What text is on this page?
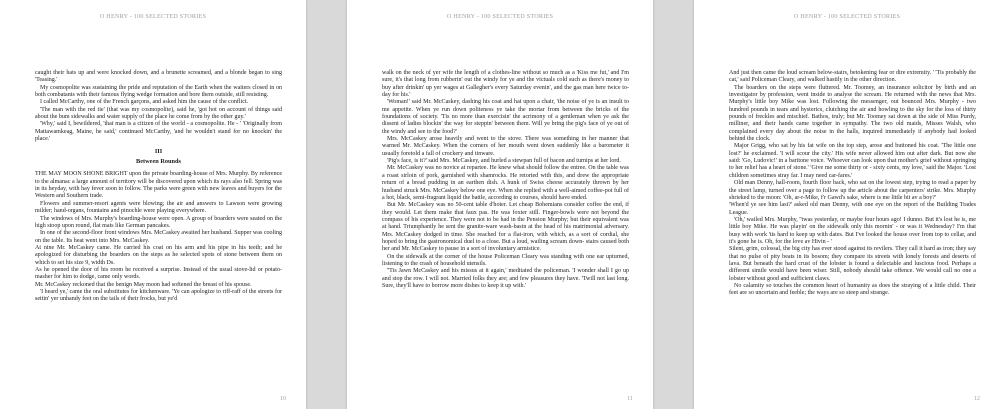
O HENRY - 100 SELECTED STORIES

caught their hats up and were knocked down, and a brunette screamed, and a blonde began to sing 'Teasing.'

My cosmopolite was sustaining the pride and reputation of the Earth when the waiters closed in on both combatants with their famous flying wedge formation and bore them outside, still resisting.

I called McCarthy, one of the French garçons, and asked him the cause of the conflict.

'The man with the red tie' (that was my cosmopolite), said he, 'got hot on account of things said about the bum sidewalks and water supply of the place he come from by the other guy.'

'Why,' said I, bewildered, 'that man is a citizen of the world - a cosmopolite. He - ' 'Originally from Mattawamkeag, Maine, he said,' continued McCarthy, 'and he wouldn't stand for no knockin' the place.'

III
Between Rounds

THE MAY MOON SHONE BRIGHT upon the private boarding-house of Mrs. Murphy. By reference to the almanac a large amount of territory will be discovered upon which its rays also fell. Spring was in its heyday, with hay fever soon to follow. The parks were green with new leaves and buyers for the Western and Southern trade.

Flowers and summer-resort agents were blowing; the air and answers to Lawson were growing milder; hand-organs, fountains and pinochle were playing everywhere.

The windows of Mrs. Murphy's boarding-house were open. A group of boarders were seated on the high stoop upon round, flat mats like German pancakes.

In one of the second-floor front windows Mrs. McCaskey awaited her husband. Supper was cooling on the table. Its heat went into Mrs. McCaskey.

At nine Mr. McCaskey came. He carried his coat on his arm and his pipe in his teeth; and he apologized for disturbing the boarders on the steps as he selected spots of stone between them on which to set his size 9, width Ds.

As he opened the door of his room he received a surprise. Instead of the usual stove-lid or potato-masher for him to dodge, came only words.

Mr. McCaskey reckoned that the benign May moon had softened the breast of his spouse.

'I heard ye,' came the oral substitutes for kitchenware. 'Ye can apologize to riff-raff of the streets for settin' yer unhandy feet on the tails of their frocks, but ye'd

10
O HENRY - 100 SELECTED STORIES

walk on the neck of yer wife the length of a clothes-line without so much as a 'Kiss me fut,' and I'm sure, it's that long from rubberin' out the windy for ye and the victuals cold such as there's money to buy after drinkin' up yer wages at Gallegher's every Saturday evenin', and the gas man here twice to-day for his.'

'Woman!' said Mr. McCaskey, dashing his coat and hat upon a chair, 'the noise of ye is an insult to me appetite. When ye run down politeness ye take the mortar from between the bricks of the foundations of society. 'Tis no more than exercisin' the acrimony of a gentleman when ye ask the dissent of ladies blockin' the way for steppin' between them. Will ye bring the pig's face of ye out of the windy and see to the food?'

Mrs. McCaskey arose heavily and went to the stove. There was something in her manner that warned Mr. McCaskey. When the corners of her mouth went down suddenly like a barometer it usually foretold a fall of crockery and tinware.

'Pig's face, is it?' said Mrs. McCaskey, and hurled a stewpan full of bacon and turnips at her lord.

Mr. McCaskey was no novice at repartee. He knew what should follow the entree. On the table was a roast sirloin of pork, garnished with shamrocks. He retorted with this, and drew the appropriate return of a bread pudding in an earthen dish. A hunk of Swiss cheese accurately thrown by her husband struck Mrs. McCaskey below one eye. When she replied with a well-aimed coffee-pot full of a hot, black, semi-fragrant liquid the battle, according to courses, should have ended.

But Mr. McCaskey was no 50-cent table d'hoter. Let cheap Bohemians consider coffee the end, if they would. Let them make that faux pas. He was foxier still. Finger-bowls were not beyond the compass of his experience. They were not to be had in the Pension Murphy; but their equivalent was at hand. Triumphantly he sent the granite-ware wash-basin at the head of his matrimonial adversary. Mrs. McCaskey dodged in time. She reached for a flat-iron, with which, as a sort of cordial, she hoped to bring the gastronomical duel to a close. But a loud, wailing scream down- stairs caused both her and Mr. McCaskey to pause in a sort of involuntary armistice.

On the sidewalk at the corner of the house Policeman Cleary was standing with one ear upturned, listening to the crash of household utensils.

''Tis Jawn McCaskey and his missus at it again,' meditated the policeman. 'I wonder shall I go up and stop the row. I will not. Married folks they are; and few pleasures they have. 'Twill not last long. Sure, they'll have to borrow more dishes to keep it up with.'

11
O HENRY - 100 SELECTED STORIES

And just then came the loud scream below-stairs, betokening fear or dire extremity. ' 'Tis probably the cat,' said Policeman Cleary, and walked hastily in the other direction.

The boarders on the steps were fluttered. Mr. Toomey, an insurance solicitor by birth and an investigator by profession, went inside to analyse the scream. He returned with the news that Mrs. Murphy's little boy Mike was lost. Following the messenger, out bounced Mrs. Murphy - two hundred pounds in tears and hysterics, clutching the air and howling to the sky for the loss of thirty pounds of freckles and mischief. Bathos, truly; but Mr. Toomey sat down at the side of Miss Purdy, milliner, and their hands came together in sympathy. The two old maids, Misses Walsh, who complained every day about the noise in the halls, inquired immediately if anybody had looked behind the clock.

Major Grigg, who sat by his fat wife on the top step, arose and buttoned his coat. 'The little one lost?' he exclaimed. 'I will scour the city.' His wife never allowed him out after dark. But now she said: 'Go, Ludovic!' in a baritone voice. 'Whoever can look upon that mother's grief without springing to her relief has a heart of stone.' 'Give me some thirty or - sixty cents, my love,' said the Major. 'Lost children sometimes stray far. I may need car-fares.'

Old man Denny, hall-room, fourth floor back, who sat on the lowest step, trying to read a paper by the street lamp, turned over a page to follow up the article about the carpenters' strike. Mrs. Murphy shrieked to the moon: 'Oh, ar-r-Mike, f'r Gawd's sake, where is me little bit av a boy?'

'When'd ye see him last?' asked old man Denny, with one eye on the report of the Building Trades League.

'Oh,' wailed Mrs. Murphy, ''twas yesterday, or maybe four hours ago! I dunno. But it's lost he is, me little boy Mike. He was playin' on the sidewalk only this mornin' - or was it Wednesday? I'm that busy with work 'tis hard to keep up with dates. But I've looked the house over from top to cellar, and it's gone he is. Oh, for the love av Hivin - '

Silent, grim, colossal, the big city has ever stood against its revilers. They call it hard as iron; they say that no pulse of pity beats in its bosom; they compare its streets with lonely forests and deserts of lava. But beneath the hard crust of the lobster is found a delectable and luscious food. Perhaps a different simile would have been wiser. Still, nobody should take offence. We would call no one a lobster without good and sufficient claws.

No calamity so touches the common heart of humanity as does the straying of a little child. Their feet are so uncertain and feeble; the ways are so steep and strange.

12
